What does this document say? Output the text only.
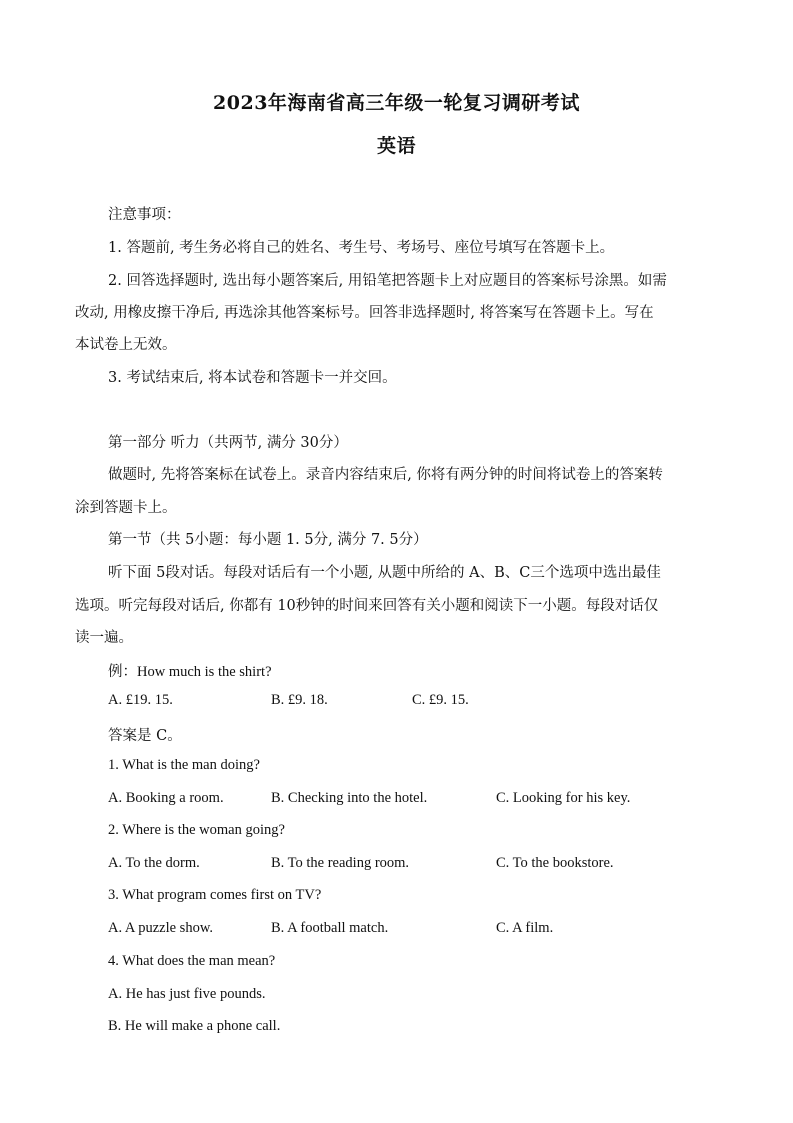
2023年海南省高三年级一轮复习调研考试
英语
注意事项：
1. 答题前, 考生务必将自己的姓名、考生号、考场号、座位号填写在答题卡上。
2. 回答选择题时, 选出每小题答案后, 用铅笔把答题卡上对应题目的答案标号涂黑。如需
改动, 用橡皮擦干净后, 再选涂其他答案标号。回答非选择题时, 将答案写在答题卡上。写在
本试卷上无效。
3. 考试结束后, 将本试卷和答题卡一并交回。
第一部分 听力（共两节, 满分 30分）
做题时, 先将答案标在试卷上。录音内容结束后, 你将有两分钟的时间将试卷上的答案转
涂到答题卡上。
第一节（共 5小题：每小题 1. 5分, 满分 7. 5分）
听下面 5段对话。每段对话后有一个小题, 从题中所给的 A、B、C三个选项中选出最佳
选项。听完每段对话后, 你都有 10秒钟的时间来回答有关小题和阅读下一小题。每段对话仅
读一遍。
例：How much is the shirt?
A. £19. 15.	B. £9. 18.	C. £9. 15.
答案是 C。
1. What is the man doing?
A. Booking a room.	B. Checking into the hotel.	C. Looking for his key.
2. Where is the woman going?
A. To the dorm.	B. To the reading room.	C. To the bookstore.
3. What program comes first on TV?
A. A puzzle show.	B. A football match.	C. A film.
4. What does the man mean?
A. He has just five pounds.
B. He will make a phone call.
